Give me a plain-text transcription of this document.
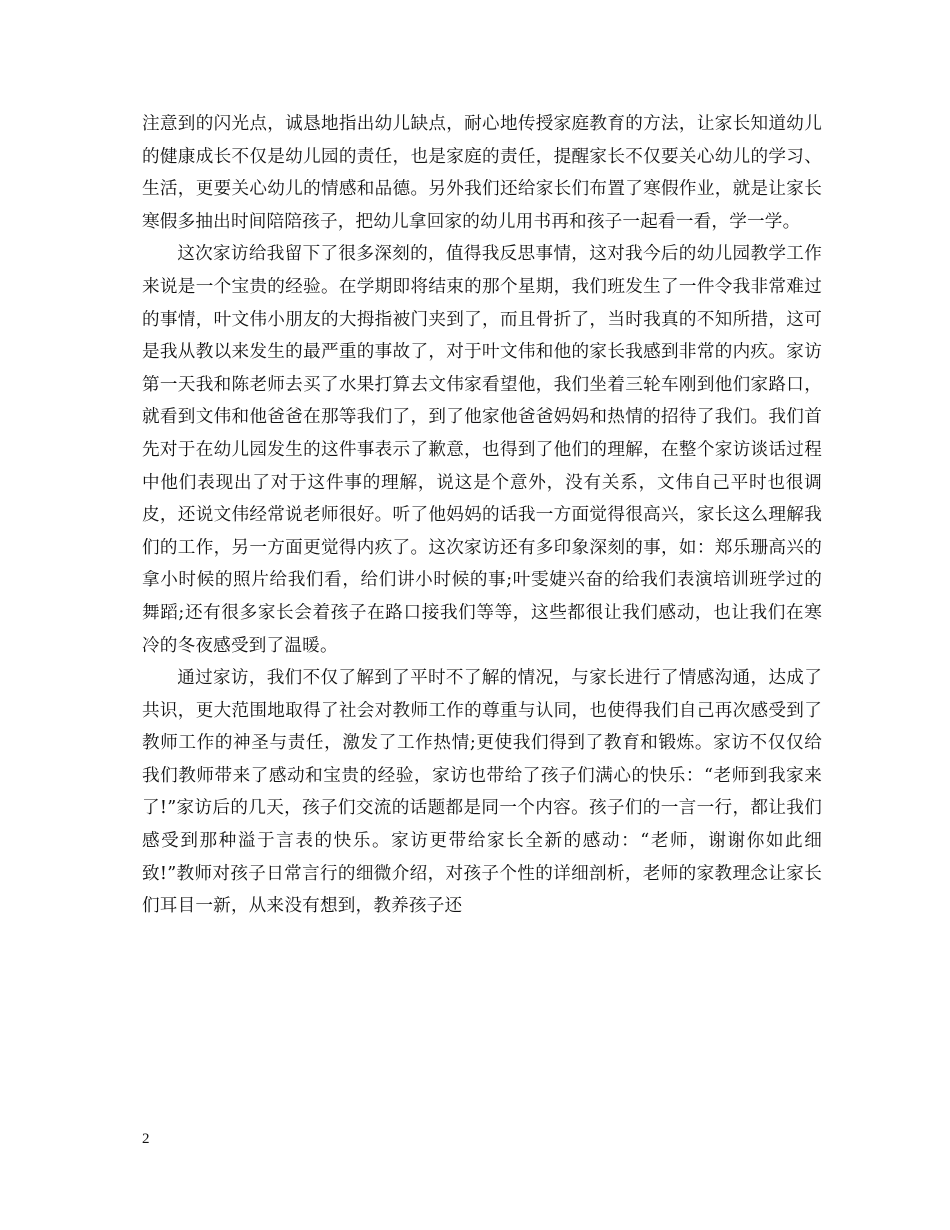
注意到的闪光点，诚恳地指出幼儿缺点，耐心地传授家庭教育的方法，让家长知道幼儿的健康成长不仅是幼儿园的责任，也是家庭的责任，提醒家长不仅要关心幼儿的学习、生活，更要关心幼儿的情感和品德。另外我们还给家长们布置了寒假作业，就是让家长寒假多抽出时间陪陪孩子，把幼儿拿回家的幼儿用书再和孩子一起看一看，学一学。

这次家访给我留下了很多深刻的，值得我反思事情，这对我今后的幼儿园教学工作来说是一个宝贵的经验。在学期即将结束的那个星期，我们班发生了一件令我非常难过的事情，叶文伟小朋友的大拇指被门夹到了，而且骨折了，当时我真的不知所措，这可是我从教以来发生的最严重的事故了，对于叶文伟和他的家长我感到非常的内疚。家访第一天我和陈老师去买了水果打算去文伟家看望他，我们坐着三轮车刚到他们家路口，就看到文伟和他爸爸在那等我们了，到了他家他爸爸妈妈和热情的招待了我们。我们首先对于在幼儿园发生的这件事表示了歉意，也得到了他们的理解，在整个家访谈话过程中他们表现出了对于这件事的理解，说这是个意外，没有关系，文伟自己平时也很调皮，还说文伟经常说老师很好。听了他妈妈的话我一方面觉得很高兴，家长这么理解我们的工作，另一方面更觉得内疚了。这次家访还有多印象深刻的事，如：郑乐珊高兴的拿小时候的照片给我们看，给们讲小时候的事;叶雯婕兴奋的给我们表演培训班学过的舞蹈;还有很多家长会着孩子在路口接我们等等，这些都很让我们感动，也让我们在寒冷的冬夜感受到了温暖。

通过家访，我们不仅了解到了平时不了解的情况，与家长进行了情感沟通，达成了共识，更大范围地取得了社会对教师工作的尊重与认同，也使得我们自己再次感受到了教师工作的神圣与责任，激发了工作热情;更使我们得到了教育和锻炼。家访不仅仅给我们教师带来了感动和宝贵的经验，家访也带给了孩子们满心的快乐：“老师到我家来了!”家访后的几天，孩子们交流的话题都是同一个内容。孩子们的一言一行，都让我们感受到那种溢于言表的快乐。家访更带给家长全新的感动：“老师，谢谢你如此细致!”教师对孩子日常言行的细微介绍，对孩子个性的详细剖析，老师的家教理念让家长们耳目一新，从来没有想到，教养孩子还

2
